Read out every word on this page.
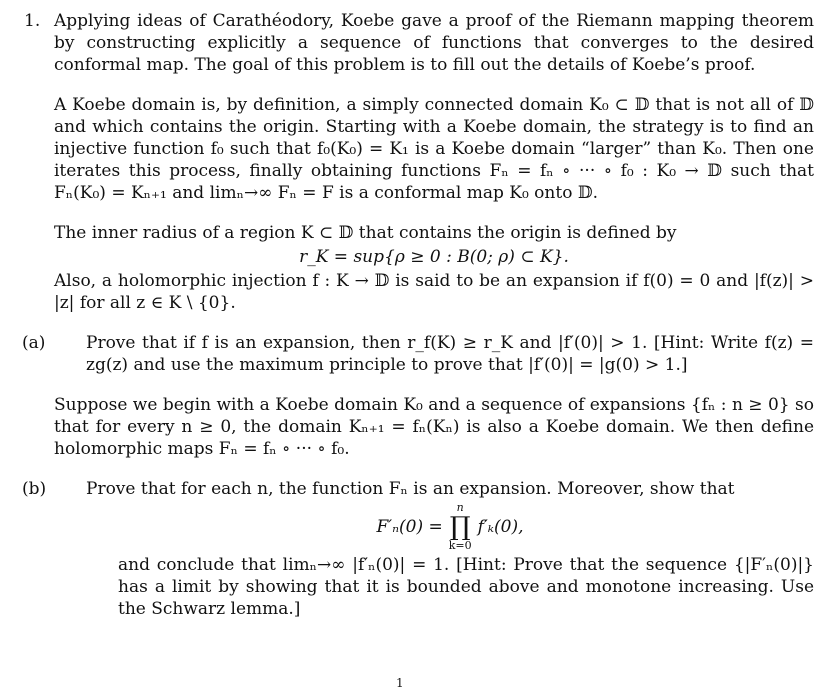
1. Applying ideas of Carathéodory, Koebe gave a proof of the Riemann mapping theorem by constructing explicitly a sequence of functions that converges to the desired conformal map. The goal of this problem is to fill out the details of Koebe’s proof.

A Koebe domain is, by definition, a simply connected domain K₀ ⊂ 𝔻 that is not all of 𝔻 and which contains the origin. Starting with a Koebe domain, the strategy is to find an injective function f₀ such that f₀(K₀) = K₁ is a Koebe domain “larger” than K₀. Then one iterates this process, finally obtaining functions Fₙ = fₙ ∘ ··· ∘ f₀ : K₀ → 𝔻 such that Fₙ(K₀) = Kₙ₊₁ and limₙ→∞ Fₙ = F is a conformal map K₀ onto 𝔻.

The inner radius of a region K ⊂ 𝔻 that contains the origin is defined by

r_K = sup{ρ ≥ 0 : B(0; ρ) ⊂ K}.

Also, a holomorphic injection f : K → 𝔻 is said to be an expansion if f(0) = 0 and |f(z)| > |z| for all z ∈ K \ {0}.

(a) Prove that if f is an expansion, then r_f(K) ≥ r_K and |f′(0)| > 1. [Hint: Write f(z) = zg(z) and use the maximum principle to prove that |f′(0)| = |g(0) > 1.]

Suppose we begin with a Koebe domain K₀ and a sequence of expansions {fₙ : n ≥ 0} so that for every n ≥ 0, the domain Kₙ₊₁ = fₙ(Kₙ) is also a Koebe domain. We then define holomorphic maps Fₙ = fₙ ∘ ··· ∘ f₀.

(b) Prove that for each n, the function Fₙ is an expansion. Moreover, show that
F′ₙ(0) =
n
∏
k=0
f′ₖ(0),
and conclude that limₙ→∞ |f′ₙ(0)| = 1. [Hint: Prove that the sequence {|F′ₙ(0)|} has a limit by showing that it is bounded above and monotone increasing. Use the Schwarz lemma.]
1
